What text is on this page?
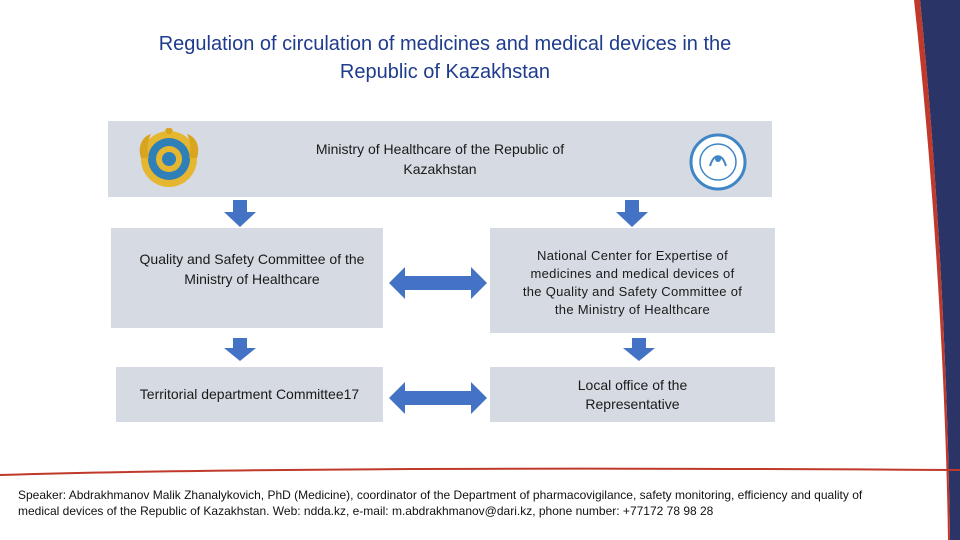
Regulation of circulation of medicines and medical devices in the Republic of Kazakhstan
Ministry of Healthcare of the Republic of Kazakhstan
Quality and Safety Committee of the Ministry of Healthcare
National Center for Expertise of medicines and medical devices of the Quality and Safety Committee of the Ministry of Healthcare
Territorial department Committee17
Local office of the Representative
Speaker: Abdrakhmanov Malik Zhanalykovich, PhD (Medicine), coordinator of the Department of pharmacovigilance, safety monitoring, efficiency and quality of medical devices of the Republic of Kazakhstan. Web: ndda.kz, e-mail: m.abdrakhmanov@dari.kz, phone number: +77172 78 98 28
